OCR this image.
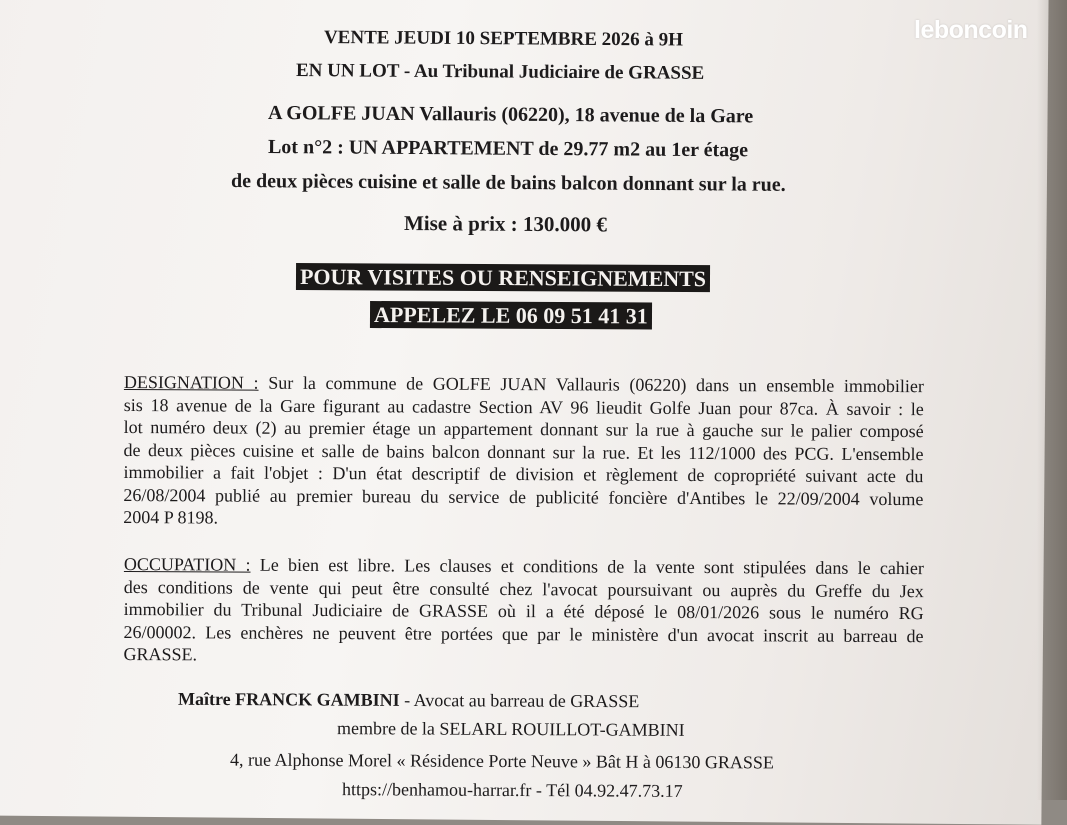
leboncoin
VENTE JEUDI 10 SEPTEMBRE 2026 à 9H
EN UN LOT - Au Tribunal Judiciaire de GRASSE
A GOLFE JUAN Vallauris (06220), 18 avenue de la Gare
Lot n°2 : UN APPARTEMENT de 29.77 m2 au 1er étage
de deux pièces cuisine et salle de bains balcon donnant sur la rue.
Mise à prix : 130.000 €
POUR VISITES OU RENSEIGNEMENTS
APPELEZ LE 06 09 51 41 31
DESIGNATION : Sur la commune de GOLFE JUAN Vallauris (06220) dans un ensemble immobilier
sis 18 avenue de la Gare figurant au cadastre Section AV 96 lieudit Golfe Juan pour 87ca. À savoir : le
lot numéro deux (2) au premier étage un appartement donnant sur la rue à gauche sur le palier composé
de deux pièces cuisine et salle de bains balcon donnant sur la rue. Et les 112/1000 des PCG. L'ensemble
immobilier a fait l'objet : D'un état descriptif de division et règlement de copropriété suivant acte du
26/08/2004 publié au premier bureau du service de publicité foncière d'Antibes le 22/09/2004 volume
2004 P 8198.
OCCUPATION : Le bien est libre. Les clauses et conditions de la vente sont stipulées dans le cahier
des conditions de vente qui peut être consulté chez l'avocat poursuivant ou auprès du Greffe du Jex
immobilier du Tribunal Judiciaire de GRASSE où il a été déposé le 08/01/2026 sous le numéro RG
26/00002. Les enchères ne peuvent être portées que par le ministère d'un avocat inscrit au barreau de
GRASSE.
Maître FRANCK GAMBINI - Avocat au barreau de GRASSE
membre de la SELARL ROUILLOT-GAMBINI
4, rue Alphonse Morel « Résidence Porte Neuve » Bât H à 06130 GRASSE
https://benhamou-harrar.fr - Tél 04.92.47.73.17
